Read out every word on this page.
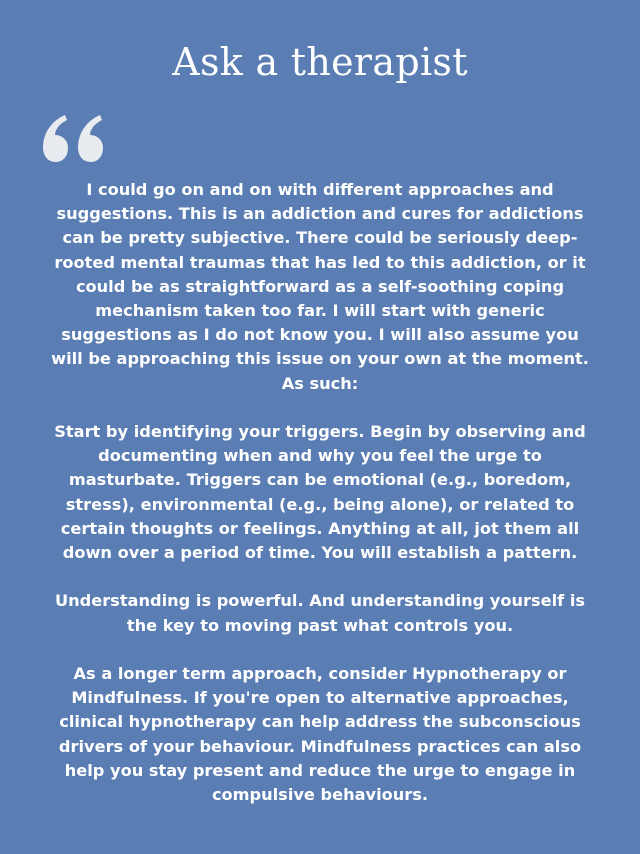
Ask a therapist

I could go on and on with different approaches and suggestions. This is an addiction and cures for addictions can be pretty subjective. There could be seriously deep-rooted mental traumas that has led to this addiction, or it could be as straightforward as a self-soothing coping mechanism taken too far. I will start with generic suggestions as I do not know you. I will also assume you will be approaching this issue on your own at the moment. As such:

Start by identifying your triggers. Begin by observing and documenting when and why you feel the urge to masturbate. Triggers can be emotional (e.g., boredom, stress), environmental (e.g., being alone), or related to certain thoughts or feelings. Anything at all, jot them all down over a period of time. You will establish a pattern.

Understanding is powerful. And understanding yourself is the key to moving past what controls you.

As a longer term approach, consider Hypnotherapy or Mindfulness. If you're open to alternative approaches, clinical hypnotherapy can help address the subconscious drivers of your behaviour. Mindfulness practices can also help you stay present and reduce the urge to engage in compulsive behaviours.
